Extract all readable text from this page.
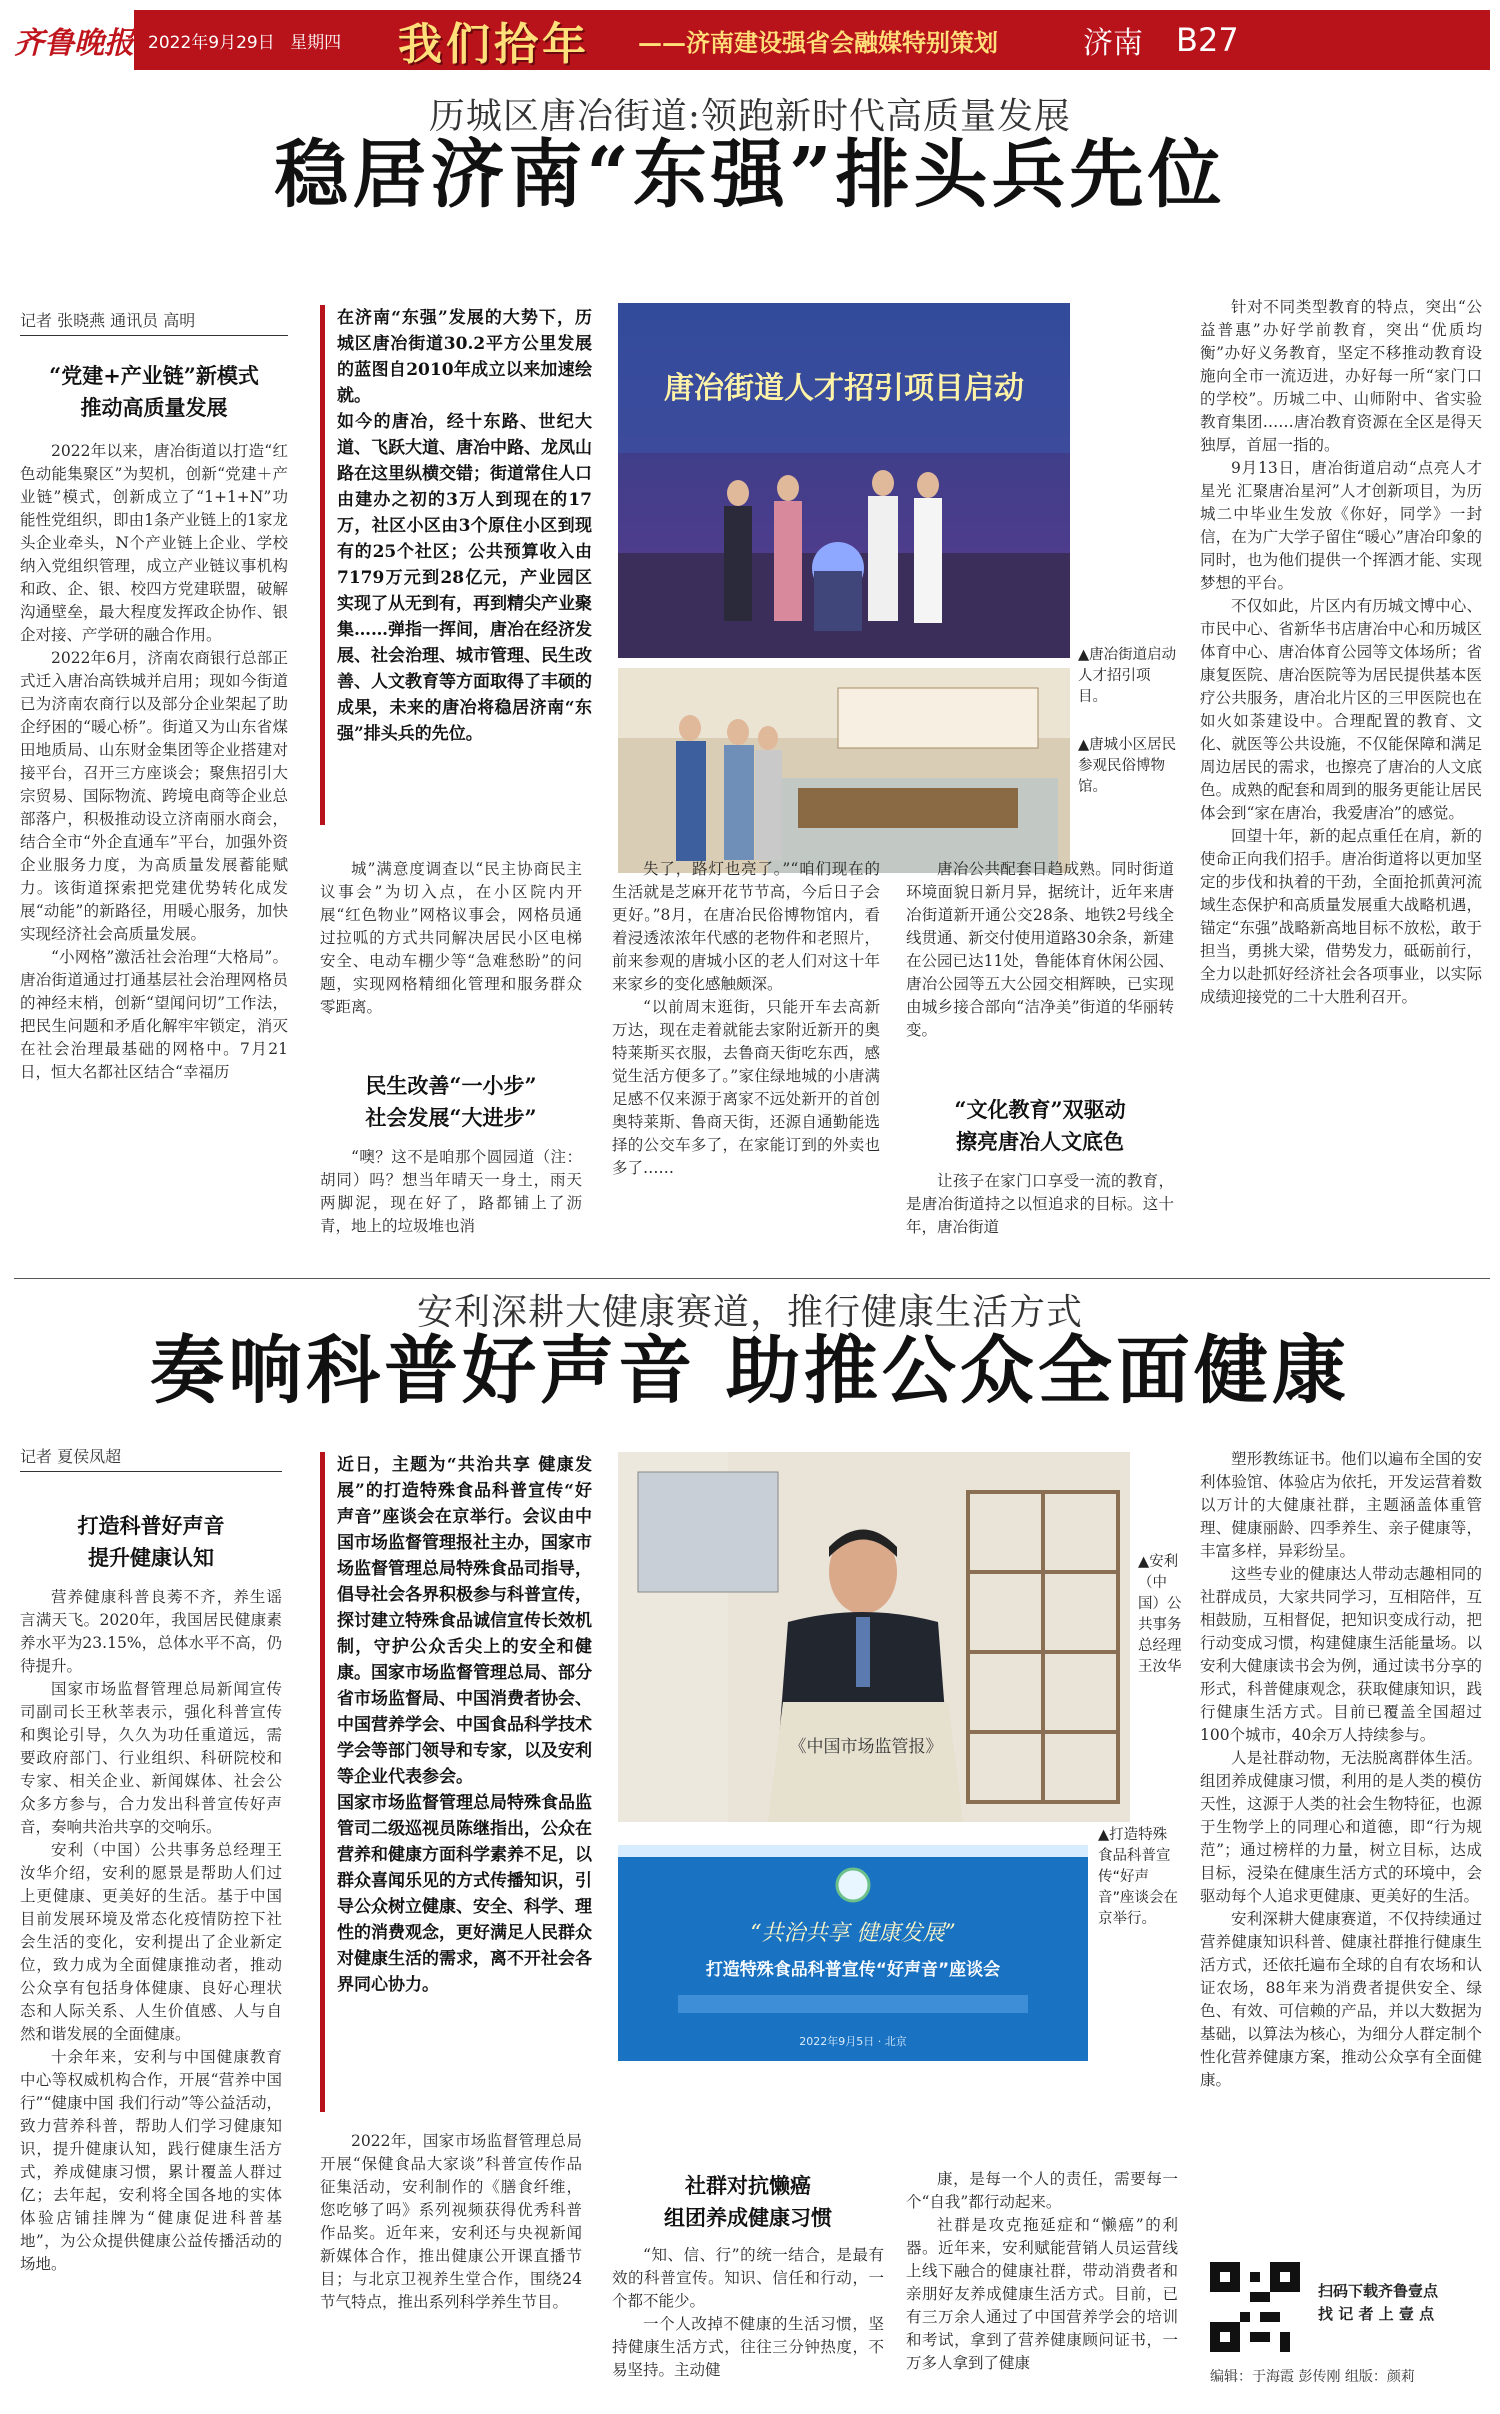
齐鲁晚报 2022年9月29日 星期四	我们拾年	——济南建设强省会融媒特别策划	济南	B27
历城区唐冶街道:领跑新时代高质量发展
稳居济南“东强”排头兵先位
记者 张晓燕 通讯员 高明
“党建+产业链”新模式
推动高质量发展

2022年以来，唐冶街道以打造“红色动能集聚区”为契机，创新“党建＋产业链”模式，创新成立了“1+1+N”功能性党组织，即由1条产业链上的1家龙头企业牵头，N个产业链上企业、学校纳入党组织管理，成立产业链议事机构和政、企、银、校四方党建联盟，破解沟通壁垒，最大程度发挥政企协作、银企对接、产学研的融合作用。

2022年6月，济南农商银行总部正式迁入唐冶高铁城并启用；现如今街道已为济南农商行以及部分企业架起了助企纾困的“暖心桥”。街道又为山东省煤田地质局、山东财金集团等企业搭建对接平台，召开三方座谈会；聚焦招引大宗贸易、国际物流、跨境电商等企业总部落户，积极推动设立济南丽水商会，结合全市“外企直通车”平台，加强外资企业服务力度，为高质量发展蓄能赋力。该街道探索把党建优势转化成发展“动能”的新路径，用暖心服务，加快实现经济社会高质量发展。

“小网格”激活社会治理“大格局”。唐冶街道通过打通基层社会治理网格员的神经末梢，创新“望闻问切”工作法，把民生问题和矛盾化解牢牢锁定，消灭在社会治理最基础的网格中。7月21日，恒大名都社区结合“幸福历

在济南“东强”发展的大势下，历城区唐冶街道30.2平方公里发展的蓝图自2010年成立以来加速绘就。
如今的唐冶，经十东路、世纪大道、飞跃大道、唐冶中路、龙凤山路在这里纵横交错；街道常住人口由建办之初的3万人到现在的17万，社区小区由3个原住小区到现有的25个社区；公共预算收入由7179万元到28亿元，产业园区实现了从无到有，再到精尖产业聚集……弹指一挥间，唐冶在经济发展、社会治理、城市管理、民生改善、人文教育等方面取得了丰硕的成果，未来的唐冶将稳居济南“东强”排头兵的先位。
唐冶街道人才招引项目启动
▲唐冶街道启动人才招引项目。
▲唐城小区居民参观民俗博物馆。

城”满意度调查以“民主协商民主议事会”为切入点，在小区院内开展“红色物业”网格议事会，网格员通过拉呱的方式共同解决居民小区电梯安全、电动车棚少等“急难愁盼”的问题，实现网格精细化管理和服务群众零距离。

民生改善“一小步”
社会发展“大进步”

“噢？这不是咱那个圆园道（注：胡同）吗？想当年晴天一身土，雨天两脚泥，现在好了，路都铺上了沥青，地上的垃圾堆也消

失了，路灯也亮了。”“咱们现在的生活就是芝麻开花节节高，今后日子会更好。”8月，在唐冶民俗博物馆内，看着浸透浓浓年代感的老物件和老照片，前来参观的唐城小区的老人们对这十年来家乡的变化感触颇深。

“以前周末逛街，只能开车去高新万达，现在走着就能去家附近新开的奥特莱斯买衣服，去鲁商天街吃东西，感觉生活方便多了。”家住绿地城的小唐满足感不仅来源于离家不远处新开的首创奥特莱斯、鲁商天街，还源自通勤能选择的公交车多了，在家能订到的外卖也多了……

唐冶公共配套日趋成熟。同时街道环境面貌日新月异，据统计，近年来唐冶街道新开通公交28条、地铁2号线全线贯通、新交付使用道路30余条，新建在公园已达11处，鲁能体育休闲公园、唐冶公园等五大公园交相辉映，已实现由城乡接合部向“洁净美”街道的华丽转变。

“文化教育”双驱动
擦亮唐冶人文底色

让孩子在家门口享受一流的教育，是唐冶街道持之以恒追求的目标。这十年，唐冶街道

针对不同类型教育的特点，突出“公益普惠”办好学前教育，突出“优质均衡”办好义务教育，坚定不移推动教育设施向全市一流迈进，办好每一所“家门口的学校”。历城二中、山师附中、省实验教育集团……唐冶教育资源在全区是得天独厚，首屈一指的。

9月13日，唐冶街道启动“点亮人才星光 汇聚唐冶星河”人才创新项目，为历城二中毕业生发放《你好，同学》一封信，在为广大学子留住“暖心”唐冶印象的同时，也为他们提供一个挥洒才能、实现梦想的平台。

不仅如此，片区内有历城文博中心、市民中心、省新华书店唐冶中心和历城区体育中心、唐冶体育公园等文体场所；省康复医院、唐冶医院等为居民提供基本医疗公共服务，唐冶北片区的三甲医院也在如火如荼建设中。合理配置的教育、文化、就医等公共设施，不仅能保障和满足周边居民的需求，也擦亮了唐冶的人文底色。成熟的配套和周到的服务更能让居民体会到“家在唐冶，我爱唐冶”的感觉。

回望十年，新的起点重任在肩，新的使命正向我们招手。唐冶街道将以更加坚定的步伐和执着的干劲，全面抢抓黄河流域生态保护和高质量发展重大战略机遇，锚定“东强”战略新高地目标不放松，敢于担当，勇挑大梁，借势发力，砥砺前行，全力以赴抓好经济社会各项事业，以实际成绩迎接党的二十大胜利召开。

安利深耕大健康赛道，推行健康生活方式
奏响科普好声音 助推公众全面健康
记者 夏侯凤超
打造科普好声音
提升健康认知

营养健康科普良莠不齐，养生谣言满天飞。2020年，我国居民健康素养水平为23.15%，总体水平不高，仍待提升。

国家市场监督管理总局新闻宣传司副司长王秋莘表示，强化科普宣传和舆论引导，久久为功任重道远，需要政府部门、行业组织、科研院校和专家、相关企业、新闻媒体、社会公众多方参与，合力发出科普宣传好声音，奏响共治共享的交响乐。

安利（中国）公共事务总经理王汝华介绍，安利的愿景是帮助人们过上更健康、更美好的生活。基于中国目前发展环境及常态化疫情防控下社会生活的变化，安利提出了企业新定位，致力成为全面健康推动者，推动公众享有包括身体健康、良好心理状态和人际关系、人生价值感、人与自然和谐发展的全面健康。

十余年来，安利与中国健康教育中心等权威机构合作，开展“营养中国行”“健康中国 我们行动”等公益活动，致力营养科普，帮助人们学习健康知识，提升健康认知，践行健康生活方式，养成健康习惯，累计覆盖人群过亿；去年起，安利将全国各地的实体体验店铺挂牌为“健康促进科普基地”，为公众提供健康公益传播活动的场地。

近日，主题为“共治共享 健康发展”的打造特殊食品科普宣传“好声音”座谈会在京举行。会议由中国市场监督管理报社主办，国家市场监督管理总局特殊食品司指导，倡导社会各界积极参与科普宣传，探讨建立特殊食品诚信宣传长效机制，守护公众舌尖上的安全和健康。国家市场监督管理总局、部分省市场监督局、中国消费者协会、中国营养学会、中国食品科学技术学会等部门领导和专家，以及安利等企业代表参会。
国家市场监督管理总局特殊食品监管司二级巡视员陈继指出，公众在营养和健康方面科学素养不足，以群众喜闻乐见的方式传播知识，引导公众树立健康、安全、科学、理性的消费观念，更好满足人民群众对健康生活的需求，离不开社会各界同心协力。

2022年，国家市场监督管理总局开展“保健食品大家谈”科普宣传作品征集活动，安利制作的《膳食纤维，您吃够了吗》系列视频获得优秀科普作品奖。近年来，安利还与央视新闻新媒体合作，推出健康公开课直播节目；与北京卫视养生堂合作，围绕24节气特点，推出系列科学养生节目。

《中国市场监管报》
“共治共享 健康发展”
打造特殊食品科普宣传“好声音”座谈会
2022年9月5日 · 北京
▲安利（中国）公共事务总经理王汝华
▲打造特殊食品科普宣传“好声音”座谈会在京举行。
社群对抗懒癌
组团养成健康习惯

“知、信、行”的统一结合，是最有效的科普宣传。知识、信任和行动，一个都不能少。

一个人改掉不健康的生活习惯，坚持健康生活方式，往往三分钟热度，不易坚持。主动健

康，是每一个人的责任，需要每一个“自我”都行动起来。

社群是攻克拖延症和“懒癌”的利器。近年来，安利赋能营销人员运营线上线下融合的健康社群，带动消费者和亲朋好友养成健康生活方式。目前，已有三万余人通过了中国营养学会的培训和考试，拿到了营养健康顾问证书，一万多人拿到了健康

塑形教练证书。他们以遍布全国的安利体验馆、体验店为依托，开发运营着数以万计的大健康社群，主题涵盖体重管理、健康丽龄、四季养生、亲子健康等，丰富多样，异彩纷呈。

这些专业的健康达人带动志趣相同的社群成员，大家共同学习，互相陪伴，互相鼓励，互相督促，把知识变成行动，把行动变成习惯，构建健康生活能量场。以安利大健康读书会为例，通过读书分享的形式，科普健康观念，获取健康知识，践行健康生活方式。目前已覆盖全国超过100个城市，40余万人持续参与。

人是社群动物，无法脱离群体生活。组团养成健康习惯，利用的是人类的模仿天性，这源于人类的社会生物特征，也源于生物学上的同理心和道德，即“行为规范”；通过榜样的力量，树立目标，达成目标，浸染在健康生活方式的环境中，会驱动每个人追求更健康、更美好的生活。

安利深耕大健康赛道，不仅持续通过营养健康知识科普、健康社群推行健康生活方式，还依托遍布全球的自有农场和认证农场，88年来为消费者提供安全、绿色、有效、可信赖的产品，并以大数据为基础，以算法为核心，为细分人群定制个性化营养健康方案，推动公众享有全面健康。

扫码下载齐鲁壹点
找 记 者 上 壹 点
编辑：于海霞 彭传刚 组版：颜莉
